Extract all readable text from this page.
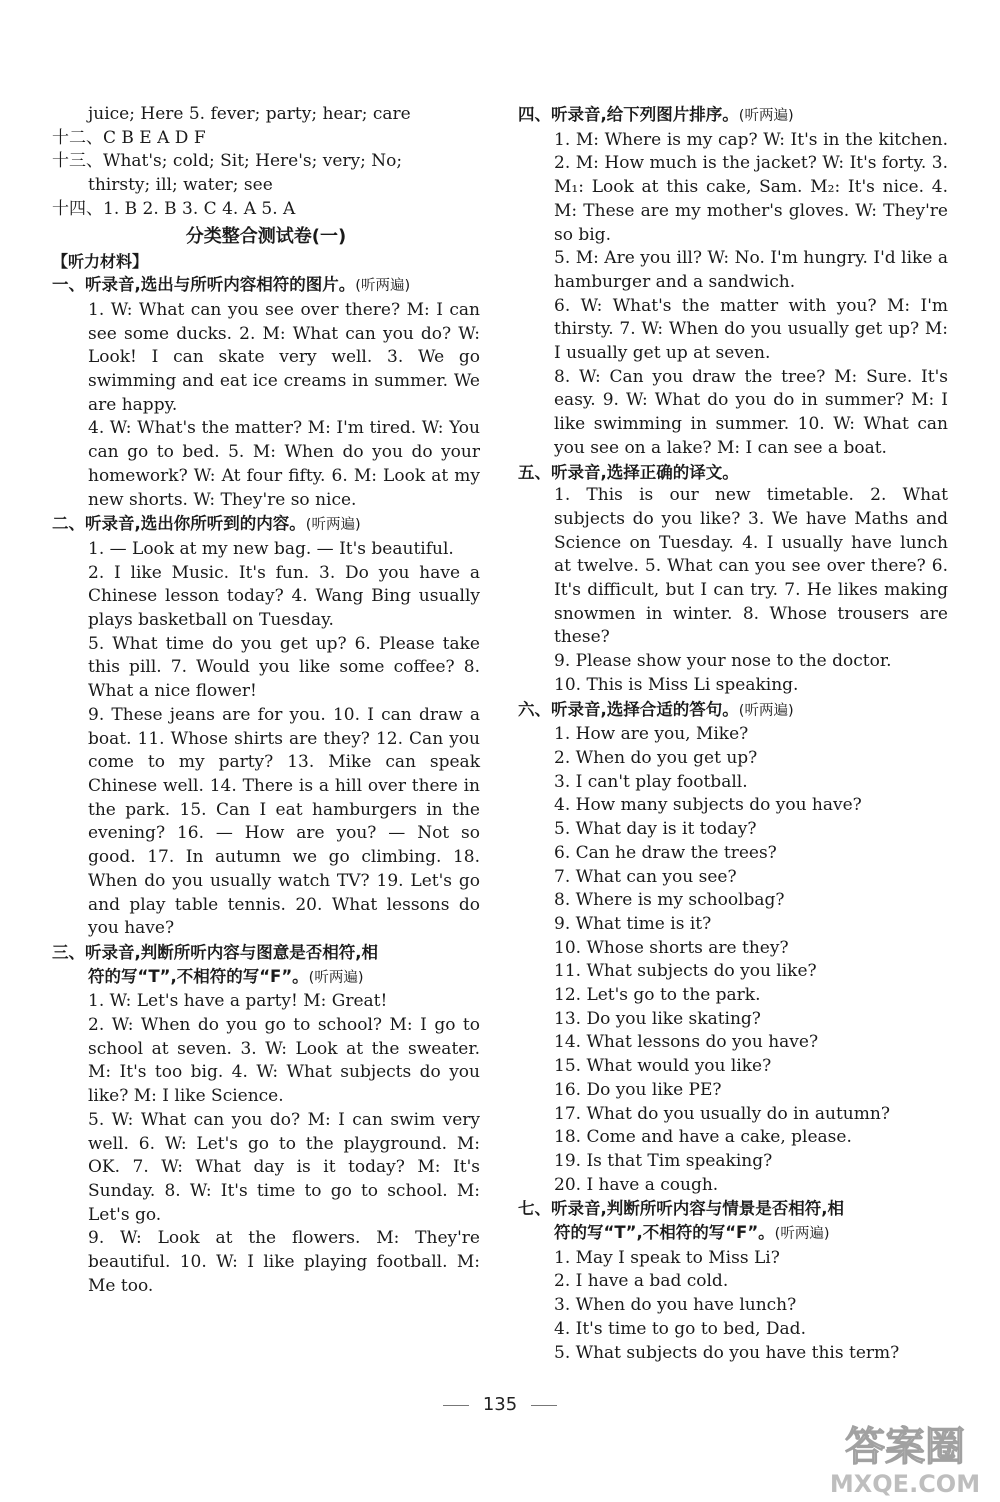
juice; Here 5. fever; party; hear; care

十二、C B E A D F

十三、What's; cold; Sit; Here's; very; No;

thirsty; ill; water; see

十四、1. B 2. B 3. C 4. A 5. A

分类整合测试卷(一)

【听力材料】

一、听录音,选出与所听内容相符的图片。(听两遍)

1. W: What can you see over there? M: I can see some ducks. 2. M: What can you do? W: Look! I can skate very well. 3. We go swimming and eat ice creams in summer. We are happy.

4. W: What's the matter? M: I'm tired. W: You can go to bed. 5. M: When do you do your homework? W: At four fifty. 6. M: Look at my new shorts. W: They're so nice.

二、听录音,选出你所听到的内容。(听两遍)

1. — Look at my new bag. — It's beautiful.

2. I like Music. It's fun. 3. Do you have a Chinese lesson today? 4. Wang Bing usually plays basketball on Tuesday.

5. What time do you get up? 6. Please take this pill. 7. Would you like some coffee? 8. What a nice flower!

9. These jeans are for you. 10. I can draw a boat. 11. Whose shirts are they? 12. Can you come to my party? 13. Mike can speak Chinese well. 14. There is a hill over there in the park. 15. Can I eat hamburgers in the evening? 16. — How are you? — Not so good. 17. In autumn we go climbing. 18. When do you usually watch TV? 19. Let's go and play table tennis. 20. What lessons do you have?

三、听录音,判断所听内容与图意是否相符,相

符的写“T”,不相符的写“F”。(听两遍)

1. W: Let's have a party! M: Great!

2. W: When do you go to school? M: I go to school at seven. 3. W: Look at the sweater. M: It's too big. 4. W: What subjects do you like? M: I like Science.

5. W: What can you do? M: I can swim very well. 6. W: Let's go to the playground. M: OK. 7. W: What day is it today? M: It's Sunday. 8. W: It's time to go to school. M: Let's go.

9. W: Look at the flowers. M: They're beautiful. 10. W: I like playing football. M: Me too.

四、听录音,给下列图片排序。(听两遍)

1. M: Where is my cap? W: It's in the kitchen. 2. M: How much is the jacket? W: It's forty. 3. M₁: Look at this cake, Sam. M₂: It's nice. 4. M: These are my mother's gloves. W: They're so big.

5. M: Are you ill? W: No. I'm hungry. I'd like a hamburger and a sandwich.

6. W: What's the matter with you? M: I'm thirsty. 7. W: When do you usually get up? M: I usually get up at seven.

8. W: Can you draw the tree? M: Sure. It's easy. 9. W: What do you do in summer? M: I like swimming in summer. 10. W: What can you see on a lake? M: I can see a boat.

五、听录音,选择正确的译文。

1. This is our new timetable. 2. What subjects do you like? 3. We have Maths and Science on Tuesday. 4. I usually have lunch at twelve. 5. What can you see over there? 6. It's difficult, but I can try. 7. He likes making snowmen in winter. 8. Whose trousers are these?

9. Please show your nose to the doctor.

10. This is Miss Li speaking.

六、听录音,选择合适的答句。(听两遍)

1. How are you, Mike?

2. When do you get up?

3. I can't play football.

4. How many subjects do you have?

5. What day is it today?

6. Can he draw the trees?

7. What can you see?

8. Where is my schoolbag?

9. What time is it?

10. Whose shorts are they?

11. What subjects do you like?

12. Let's go to the park.

13. Do you like skating?

14. What lessons do you have?

15. What would you like?

16. Do you like PE?

17. What do you usually do in autumn?

18. Come and have a cake, please.

19. Is that Tim speaking?

20. I have a cough.

七、听录音,判断所听内容与情景是否相符,相

符的写“T”,不相符的写“F”。(听两遍)

1. May I speak to Miss Li?

2. I have a bad cold.

3. When do you have lunch?

4. It's time to go to bed, Dad.

5. What subjects do you have this term?

135
答案圈
MXQE.COM
